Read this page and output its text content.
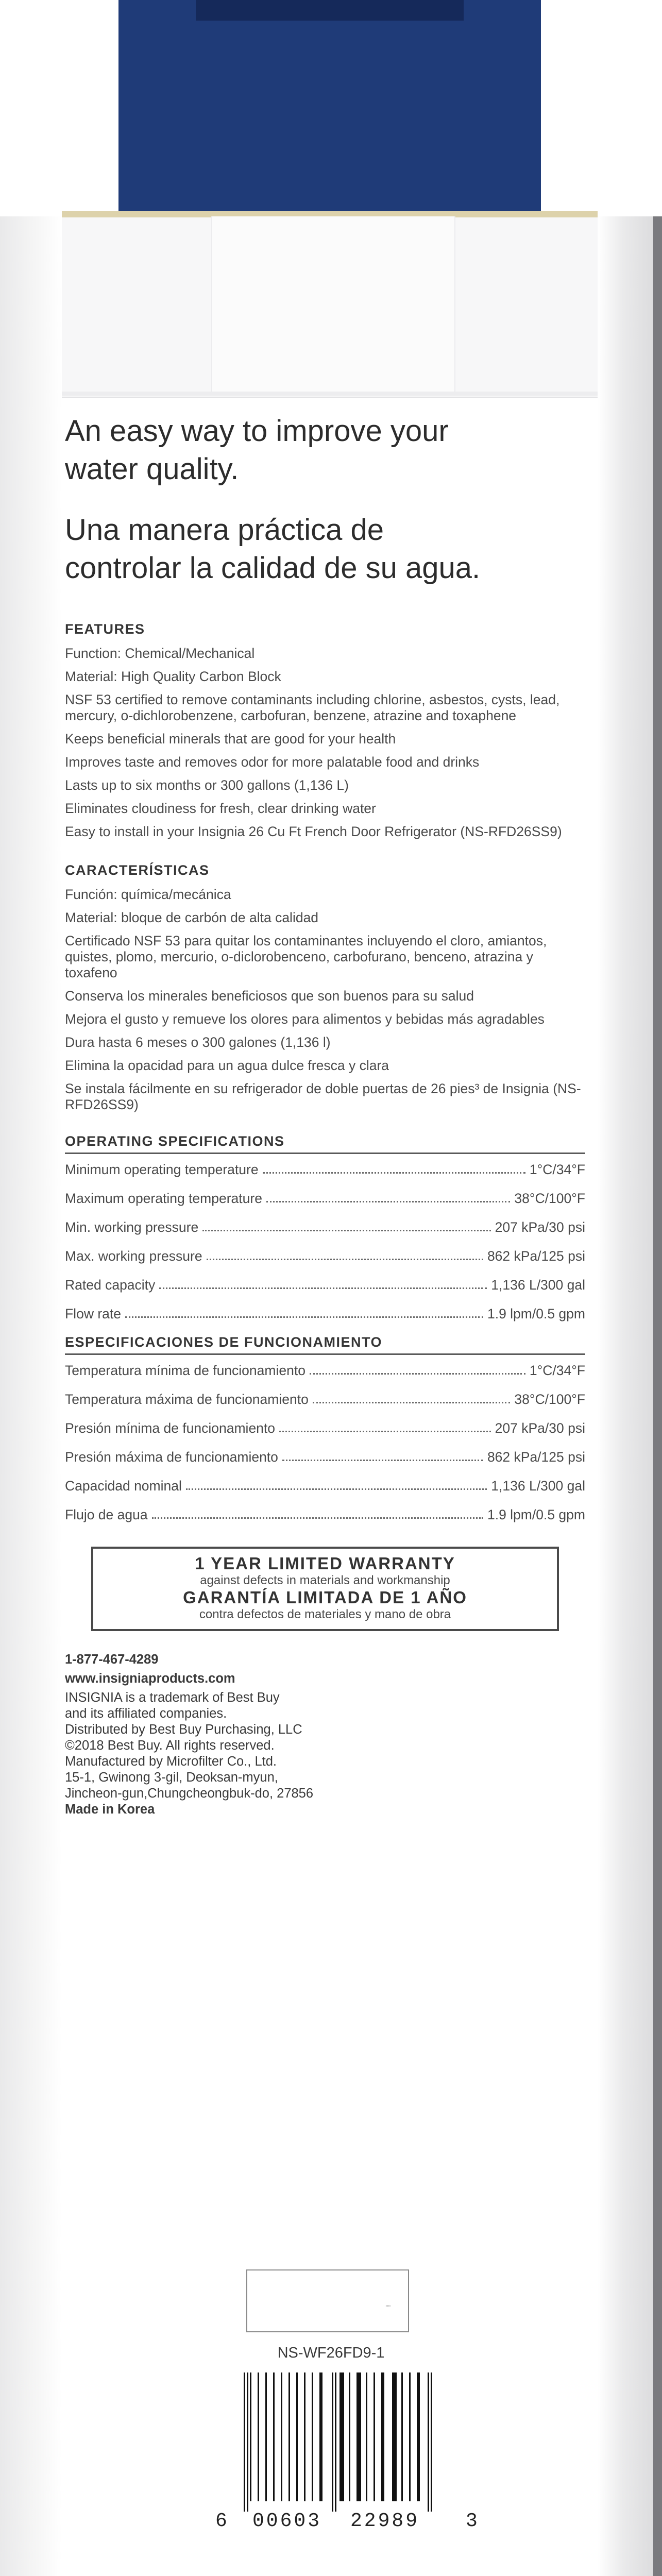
An easy way to improve your
water quality.

Una manera práctica de
controlar la calidad de su agua.

FEATURES

Function: Chemical/Mechanical
Material: High Quality Carbon Block
NSF 53 certified to remove contaminants including chlorine, asbestos, cysts, lead, mercury, o-dichlorobenzene, carbofuran, benzene, atrazine and toxaphene
Keeps beneficial minerals that are good for your health
Improves taste and removes odor for more palatable food and drinks
Lasts up to six months or 300 gallons (1,136 L)
Eliminates cloudiness for fresh, clear drinking water
Easy to install in your Insignia 26 Cu Ft French Door Refrigerator (NS-RFD26SS9)

CARACTERÍSTICAS

Función: química/mecánica
Material: bloque de carbón de alta calidad
Certificado NSF 53 para quitar los contaminantes incluyendo el cloro, amiantos, quistes, plomo, mercurio, o-diclorobenceno, carbofurano, benceno, atrazina y toxafeno
Conserva los minerales beneficiosos que son buenos para su salud
Mejora el gusto y remueve los olores para alimentos y bebidas más agradables
Dura hasta 6 meses o 300 galones (1,136 l)
Elimina la opacidad para un agua dulce fresca y clara
Se instala fácilmente en su refrigerador de doble puertas de 26 pies³ de Insignia (NS-RFD26SS9)

OPERATING SPECIFICATIONS

Minimum operating temperature	1°C/34°F
Maximum operating temperature	38°C/100°F
Min. working pressure	207 kPa/30 psi
Max. working pressure	862 kPa/125 psi
Rated capacity	1,136 L/300 gal
Flow rate	1.9 lpm/0.5 gpm

ESPECIFICACIONES DE FUNCIONAMIENTO

Temperatura mínima de funcionamiento	1°C/34°F
Temperatura máxima de funcionamiento	38°C/100°F
Presión mínima de funcionamiento	207 kPa/30 psi
Presión máxima de funcionamiento	862 kPa/125 psi
Capacidad nominal	1,136 L/300 gal
Flujo de agua	1.9 lpm/0.5 gpm

1 YEAR LIMITED WARRANTY

against defects in materials and workmanship

GARANTÍA LIMITADA DE 1 AÑO

contra defectos de materiales y mano de obra

1-877-467-4289

www.insigniaproducts.com

INSIGNIA is a trademark of Best Buy

and its affiliated companies.

Distributed by Best Buy Purchasing, LLC

©2018 Best Buy. All rights reserved.

Manufactured by Microfilter Co., Ltd.

15-1, Gwinong 3-gil, Deoksan-myun,

Jincheon-gun,Chungcheongbuk-do, 27856

Made in Korea

▫▫
NS-WF26FD9-1
6 00603 22989 3
